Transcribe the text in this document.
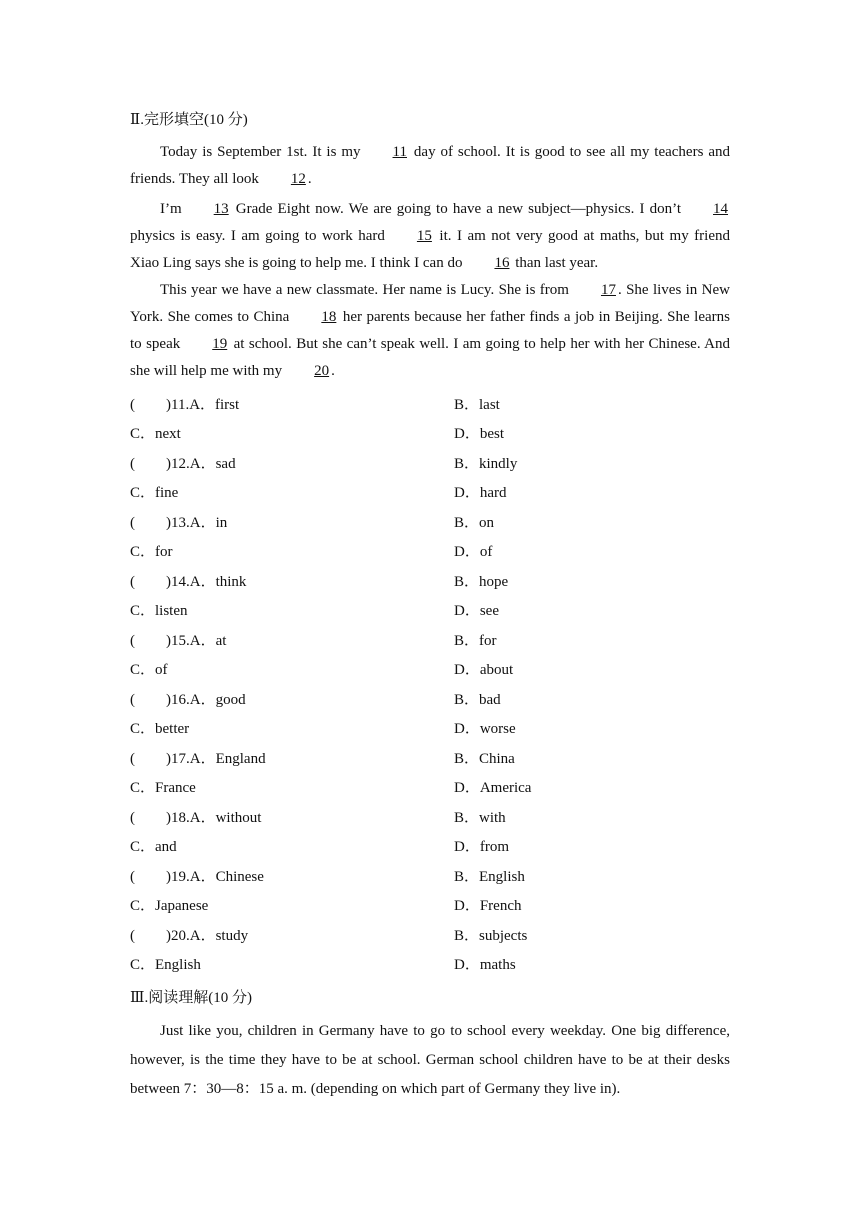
Ⅱ.完形填空(10 分)
Today is September 1st. It is my 11 day of school. It is good to see all my teachers and friends. They all look 12 .
I’m 13 Grade Eight now. We are going to have a new subject—physics. I don’t 14 physics is easy. I am going to work hard 15 it. I am not very good at maths, but my friend Xiao Ling says she is going to help me. I think I can do 16 than last year.
This year we have a new classmate. Her name is Lucy. She is from 17 . She lives in New York. She comes to China 18 her parents because her father finds a job in Beijing. She learns to speak 19 at school. But she can’t speak well. I am going to help her with her Chinese. And she will help me with my 20 .
( )11.A．first	B．last
C．next	D．best
( )12.A．sad	B．kindly
C．fine	D．hard
( )13.A．in	B．on
C．for	D．of
( )14.A．think	B．hope
C．listen	D．see
( )15.A．at	B．for
C．of	D．about
( )16.A．good	B．bad
C．better	D．worse
( )17.A．England	B．China
C．France	D．America
( )18.A．without	B．with
C．and	D．from
( )19.A．Chinese	B．English
C．Japanese	D．French
( )20.A．study	B．subjects
C．English	D．maths
Ⅲ.阅读理解(10 分)
Just like you, children in Germany have to go to school every weekday. One big difference, however, is the time they have to be at school. German school children have to be at their desks between 7：30—8：15 a. m. (depending on which part of Germany they live in).
